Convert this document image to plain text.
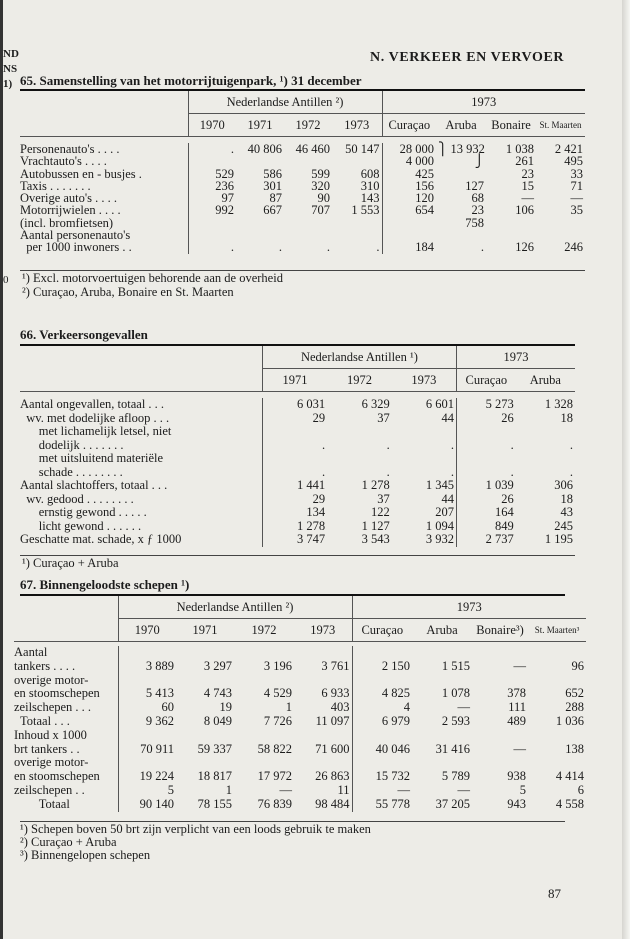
ND
NS
1)
0
N. VERKEER EN VERVOER
65. Samenstelling van het motorrijtuigenpark, ¹) 31 december
	Nederlandse Antillen ²)				1973			
	1970	1971	1972	1973	Curaçao	Aruba	Bonaire	St. Maarten

Personenauto's . . . .	.	40 806	46 460	50 147	28 000	⎫ 13 932	1 038	2 421
Vrachtauto's . . . .					4 000	⎭	261	495
Autobussen en - busjes .	529	586	599	608	425		23	33
Taxis . . . . . . .	236	301	320	310	156	127	15	71
Overige auto's . . . .	97	87	90	143	120	68	—	—
Motorrijwielen . . . .	992	667	707	1 553	654	23	106	35
(incl. bromfietsen)						758		
Aantal personenauto's								
per 1000 inwoners . .	.	.	.	.	184	.	126	246
¹) Excl. motorvoertuigen behorende aan de overheid
²) Curaçao, Aruba, Bonaire en St. Maarten
66. Verkeersongevallen
	Nederlandse Antillen ¹)			1973	
	1971	1972	1973	Curaçao	Aruba

Aantal ongevallen, totaal . . .	6 031	6 329	6 601	5 273	1 328
wv. met dodelijke afloop . . .	29	37	44	26	18
met lichamelijk letsel, niet					
dodelijk . . . . . . .	.	.	.	.	.
met uitsluitend materiële					
schade . . . . . . . .	.	.	.	.	.
Aantal slachtoffers, totaal . . .	1 441	1 278	1 345	1 039	306
wv. gedood . . . . . . . .	29	37	44	26	18
ernstig gewond . . . . .	134	122	207	164	43
licht gewond . . . . . .	1 278	1 127	1 094	849	245
Geschatte mat. schade, x ƒ 1000	3 747	3 543	3 932	2 737	1 195
¹) Curaçao + Aruba
67. Binnengeloodste schepen ¹)
	Nederlandse Antillen ²)				1973			
	1970	1971	1972	1973	Curaçao	Aruba	Bonaire³)	St. Maarten³

Aantal								
tankers . . . .	3 889	3 297	3 196	3 761	2 150	1 515	—	96
overige motor-								
en stoomschepen	5 413	4 743	4 529	6 933	4 825	1 078	378	652
zeilschepen . . .	60	19	1	403	4	—	111	288
Totaal . . .	9 362	8 049	7 726	11 097	6 979	2 593	489	1 036
Inhoud x 1000								
brt tankers . .	70 911	59 337	58 822	71 600	40 046	31 416	—	138
overige motor-								
en stoomschepen	19 224	18 817	17 972	26 863	15 732	5 789	938	4 414
zeilschepen . .	5	1	—	11	—	—	5	6
Totaal	90 140	78 155	76 839	98 484	55 778	37 205	943	4 558
¹) Schepen boven 50 brt zijn verplicht van een loods gebruik te maken
²) Curaçao + Aruba
³) Binnengelopen schepen
87
